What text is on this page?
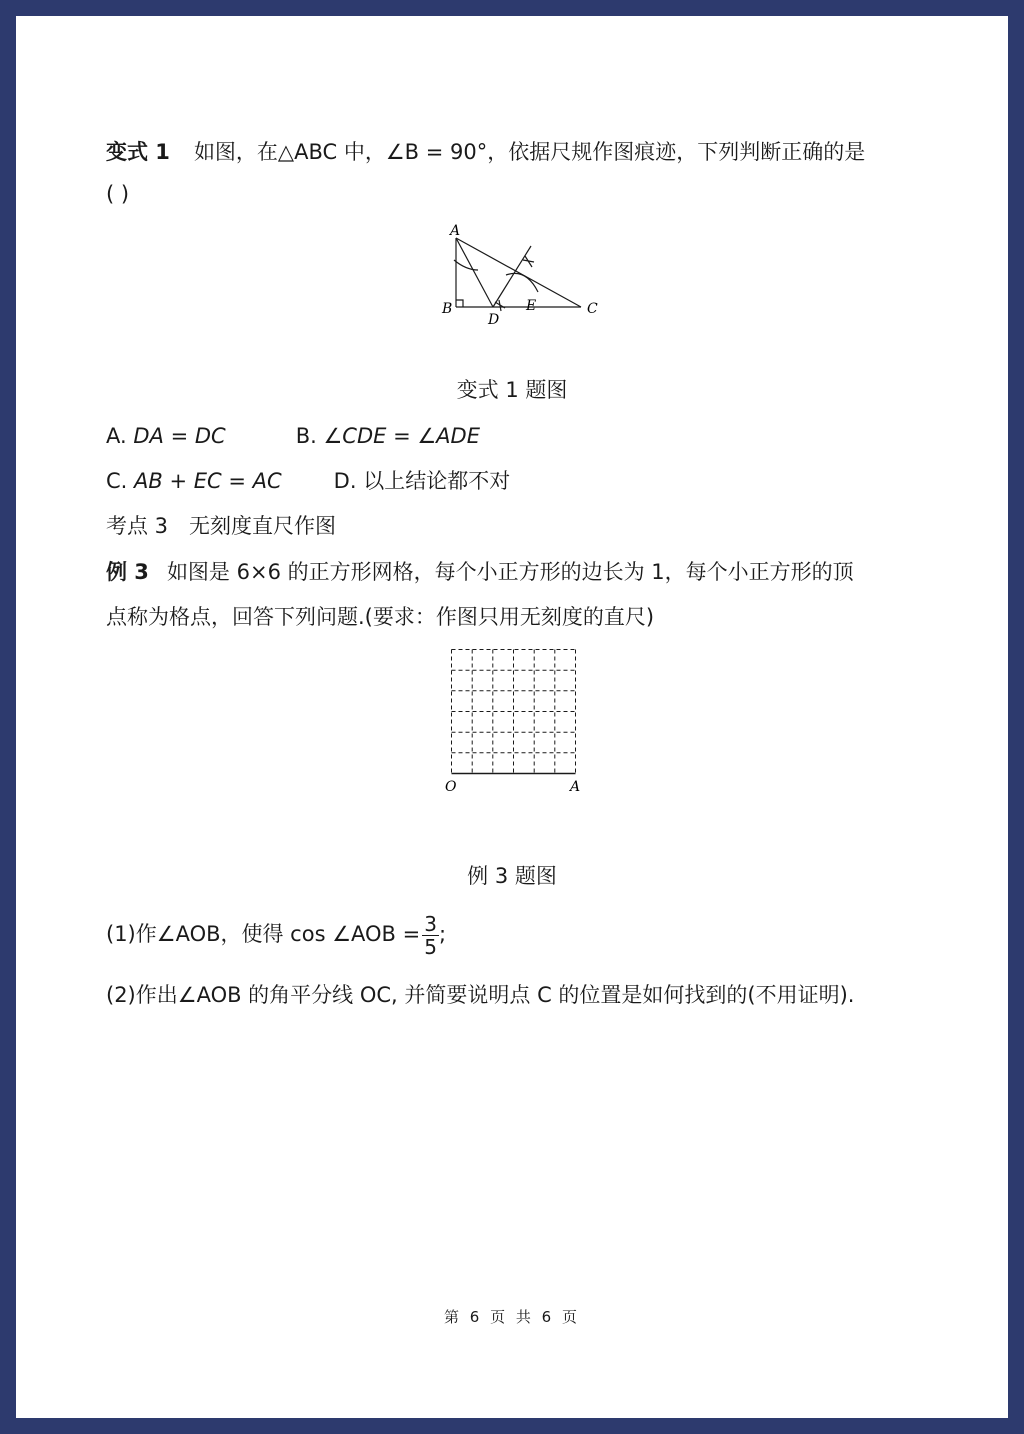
变式 1 如图，在△ABC 中，∠B = 90°，依据尺规作图痕迹，下列判断正确的是
( )
A
B	C
D
E
变式 1 题图
A. DA = DC	B. ∠CDE = ∠ADE
C. AB + EC = AC D. 以上结论都不对
考点 3　无刻度直尺作图
例 3 如图是 6×6 的正方形网格，每个小正方形的边长为 1，每个小正方形的顶
点称为格点，回答下列问题.(要求：作图只用无刻度的直尺)
O	A
例 3 题图
(1)作∠AOB，使得 cos ∠AOB = $\frac{3}{5}$ ;
(2)作出∠AOB 的角平分线 OC, 并简要说明点 C 的位置是如何找到的(不用证明).
第 6 页 共 6 页
